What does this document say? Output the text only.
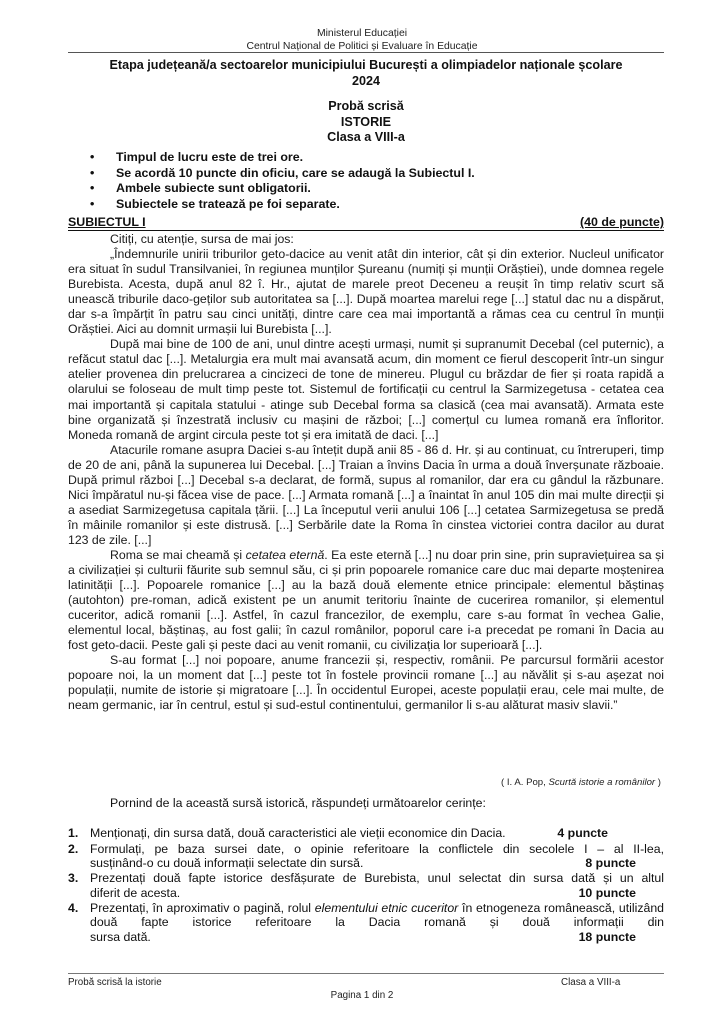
Ministerul Educației
Centrul Național de Politici și Evaluare în Educație
Etapa județeană/a sectoarelor municipiului București a olimpiadelor naționale școlare
2024
Probă scrisă
ISTORIE
Clasa a VIII-a
• Timpul de lucru este de trei ore.
• Se acordă 10 puncte din oficiu, care se adaugă la Subiectul I.
• Ambele subiecte sunt obligatorii.
• Subiectele se tratează pe foi separate.
SUBIECTUL I	(40 de puncte)

Citiți, cu atenție, sursa de mai jos:

„Îndemnurile unirii triburilor geto-dacice au venit atât din interior, cât și din exterior. Nucleul unificator era situat în sudul Transilvaniei, în regiunea munților Șureanu (numiți și munții Orăștiei), unde domnea regele Burebista. Acesta, după anul 82 î. Hr., ajutat de marele preot Deceneu a reușit în timp relativ scurt să unească triburile daco-geților sub autoritatea sa [...]. După moartea marelui rege [...] statul dac nu a dispărut, dar s-a împărțit în patru sau cinci unități, dintre care cea mai importantă a rămas cea cu centrul în munții Orăștiei. Aici au domnit urmașii lui Burebista [...].

După mai bine de 100 de ani, unul dintre acești urmași, numit și supranumit Decebal (cel puternic), a refăcut statul dac [...]. Metalurgia era mult mai avansată acum, din moment ce fierul descoperit într-un singur atelier provenea din prelucrarea a cincizeci de tone de minereu. Plugul cu brăzdar de fier și roata rapidă a olarului se foloseau de mult timp peste tot. Sistemul de fortificații cu centrul la Sarmizegetusa - cetatea cea mai importantă și capitala statului - atinge sub Decebal forma sa clasică (cea mai avansată). Armata este bine organizată și înzestrată inclusiv cu mașini de război; [...] comerțul cu lumea romană era înfloritor. Moneda romană de argint circula peste tot și era imitată de daci. [...]

Atacurile romane asupra Daciei s-au întețit după anii 85 - 86 d. Hr. și au continuat, cu întreruperi, timp de 20 de ani, până la supunerea lui Decebal. [...] Traian a învins Dacia în urma a două înverșunate războaie. După primul război [...] Decebal s-a declarat, de formă, supus al romanilor, dar era cu gândul la răzbunare. Nici împăratul nu-și făcea vise de pace. [...] Armata romană [...] a înaintat în anul 105 din mai multe direcții și a asediat Sarmizegetusa capitala țării. [...] La începutul verii anului 106 [...] cetatea Sarmizegetusa se predă în mâinile romanilor și este distrusă. [...] Serbările date la Roma în cinstea victoriei contra dacilor au durat 123 de zile. [...]

Roma se mai cheamă și cetatea eternă. Ea este eternă [...] nu doar prin sine, prin supraviețuirea sa și a civilizației și culturii făurite sub semnul său, ci și prin popoarele romanice care duc mai departe moștenirea latinității [...]. Popoarele romanice [...] au la bază două elemente etnice principale: elementul băștinaș (autohton) pre-roman, adică existent pe un anumit teritoriu înainte de cucerirea romanilor, și elementul cuceritor, adică romanii [...]. Astfel, în cazul francezilor, de exemplu, care s-au format în vechea Galie, elementul local, băștinaș, au fost galii; în cazul românilor, poporul care i-a precedat pe romani în Dacia au fost geto-dacii. Peste gali și peste daci au venit romanii, cu civilizația lor superioară [...].

S-au format [...] noi popoare, anume francezii și, respectiv, românii. Pe parcursul formării acestor popoare noi, la un moment dat [...] peste tot în fostele provincii romane [...] au năvălit și s-au așezat noi populații, numite de istorie și migratoare [...]. În occidentul Europei, aceste populații erau, cele mai multe, de neam germanic, iar în centrul, estul și sud-estul continentului, germanilor li s-au alăturat masiv slavii.”

( I. A. Pop, Scurtă istorie a românilor )
Pornind de la această sursă istorică, răspundeți următoarelor cerințe:
1. Menționați, din sursa dată, două caracteristici ale vieții economice din Dacia.	4 puncte
2. Formulați, pe baza sursei date, o opinie referitoare la conflictele din secolele I – al II-lea,
susținând-o cu două informații selectate din sursă.	8 puncte
3. Prezentați două fapte istorice desfășurate de Burebista, unul selectat din sursa dată și un altul
diferit de acesta.	10 puncte
4. Prezentați, în aproximativ o pagină, rolul elementului etnic cuceritor în etnogeneza românească, utilizând două fapte istorice referitoare la Dacia romană și două informații din
sursa dată.	18 puncte
Probă scrisă la istorie	Clasa a VIII-a
Pagina 1 din 2
